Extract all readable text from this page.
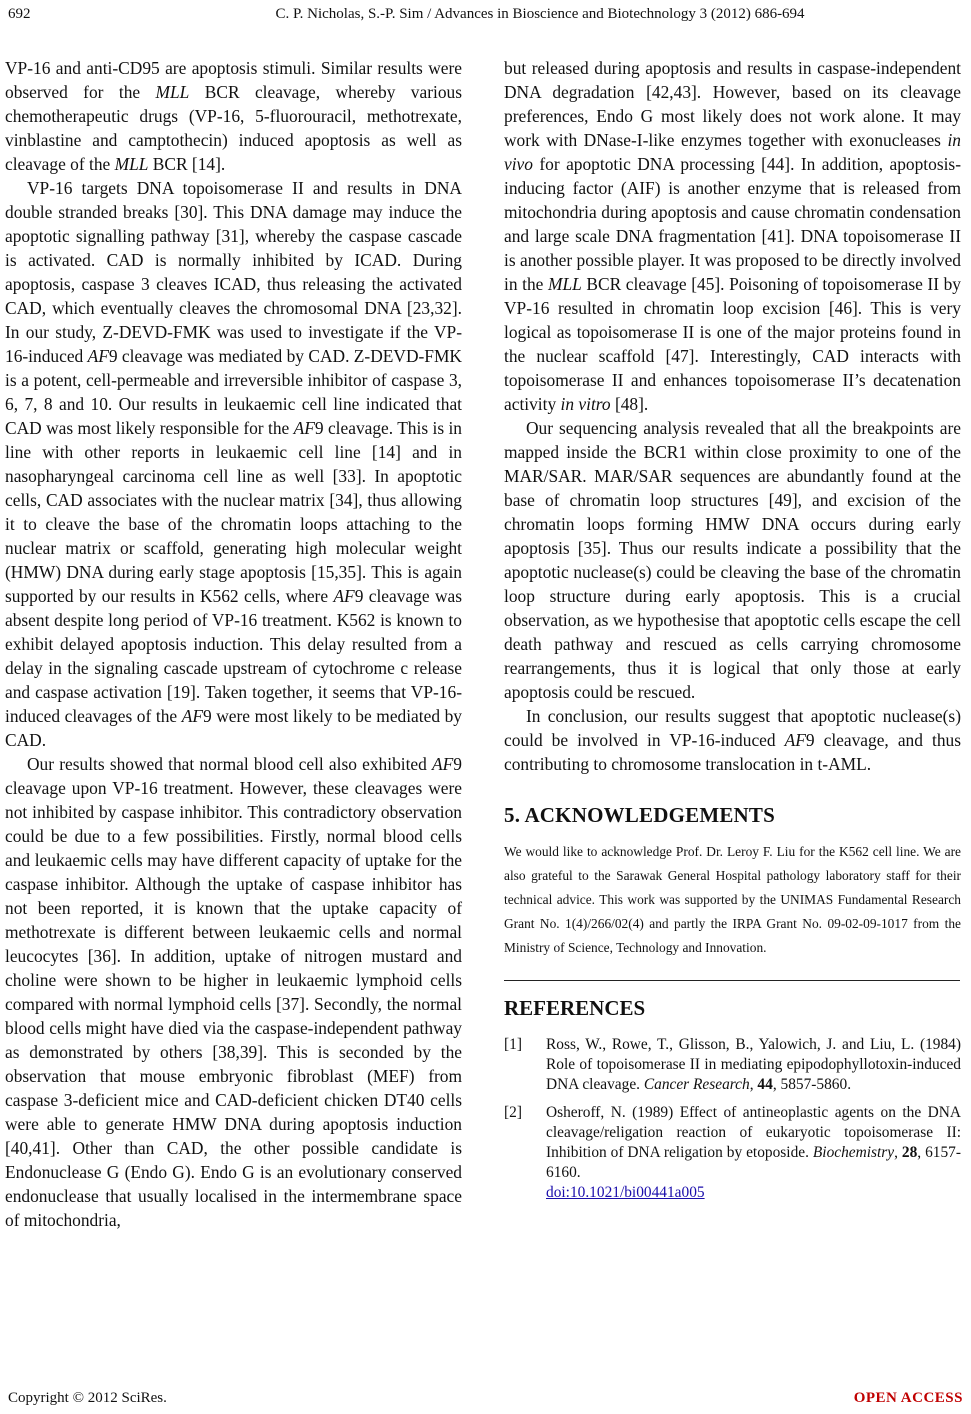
692	C. P. Nicholas, S.-P. Sim / Advances in Bioscience and Biotechnology 3 (2012) 686-694

VP-16 and anti-CD95 are apoptosis stimuli. Similar results were observed for the MLL BCR cleavage, whereby various chemotherapeutic drugs (VP-16, 5-fluorouracil, methotrexate, vinblastine and camptothecin) induced apoptosis as well as cleavage of the MLL BCR [14].

VP-16 targets DNA topoisomerase II and results in DNA double stranded breaks [30]. This DNA damage may induce the apoptotic signalling pathway [31], whereby the caspase cascade is activated. CAD is normally inhibited by ICAD. During apoptosis, caspase 3 cleaves ICAD, thus releasing the activated CAD, which eventually cleaves the chromosomal DNA [23,32]. In our study, Z-DEVD-FMK was used to investigate if the VP-16-induced AF9 cleavage was mediated by CAD. Z-DEVD-FMK is a potent, cell-permeable and irreversible inhibitor of caspase 3, 6, 7, 8 and 10. Our results in leukaemic cell line indicated that CAD was most likely responsible for the AF9 cleavage. This is in line with other reports in leukaemic cell line [14] and in nasopharyngeal carcinoma cell line as well [33]. In apoptotic cells, CAD associates with the nuclear matrix [34], thus allowing it to cleave the base of the chromatin loops attaching to the nuclear matrix or scaffold, generating high molecular weight (HMW) DNA during early stage apoptosis [15,35]. This is again supported by our results in K562 cells, where AF9 cleavage was absent despite long period of VP-16 treatment. K562 is known to exhibit delayed apoptosis induction. This delay resulted from a delay in the signaling cascade upstream of cytochrome c release and caspase activation [19]. Taken together, it seems that VP-16-induced cleavages of the AF9 were most likely to be mediated by CAD.

Our results showed that normal blood cell also exhibited AF9 cleavage upon VP-16 treatment. However, these cleavages were not inhibited by caspase inhibitor. This contradictory observation could be due to a few possibilities. Firstly, normal blood cells and leukaemic cells may have different capacity of uptake for the caspase inhibitor. Although the uptake of caspase inhibitor has not been reported, it is known that the uptake capacity of methotrexate is different between leukaemic cells and normal leucocytes [36]. In addition, uptake of nitrogen mustard and choline were shown to be higher in leukaemic lymphoid cells compared with normal lymphoid cells [37]. Secondly, the normal blood cells might have died via the caspase-independent pathway as demonstrated by others [38,39]. This is seconded by the observation that mouse embryonic fibroblast (MEF) from caspase 3-deficient mice and CAD-deficient chicken DT40 cells were able to generate HMW DNA during apoptosis induction [40,41]. Other than CAD, the other possible candidate is Endonuclease G (Endo G). Endo G is an evolutionary conserved endonuclease that usually localised in the intermembrane space of mitochondria,

but released during apoptosis and results in caspase-independent DNA degradation [42,43]. However, based on its cleavage preferences, Endo G most likely does not work alone. It may work with DNase-I-like enzymes together with exonucleases in vivo for apoptotic DNA processing [44]. In addition, apoptosis-inducing factor (AIF) is another enzyme that is released from mitochondria during apoptosis and cause chromatin condensation and large scale DNA fragmentation [41]. DNA topoisomerase II is another possible player. It was proposed to be directly involved in the MLL BCR cleavage [45]. Poisoning of topoisomerase II by VP-16 resulted in chromatin loop excision [46]. This is very logical as topoisomerase II is one of the major proteins found in the nuclear scaffold [47]. Interestingly, CAD interacts with topoisomerase II and enhances topoisomerase II’s decatenation activity in vitro [48].

Our sequencing analysis revealed that all the breakpoints are mapped inside the BCR1 within close proximity to one of the MAR/SAR. MAR/SAR sequences are abundantly found at the base of chromatin loop structures [49], and excision of the chromatin loops forming HMW DNA occurs during early apoptosis [35]. Thus our results indicate a possibility that the apoptotic nuclease(s) could be cleaving the base of the chromatin loop structure during early apoptosis. This is a crucial observation, as we hypothesise that apoptotic cells escape the cell death pathway and rescued as cells carrying chromosome rearrangements, thus it is logical that only those at early apoptosis could be rescued.

In conclusion, our results suggest that apoptotic nuclease(s) could be involved in VP-16-induced AF9 cleavage, and thus contributing to chromosome translocation in t-AML.

5. ACKNOWLEDGEMENTS

We would like to acknowledge Prof. Dr. Leroy F. Liu for the K562 cell line. We are also grateful to the Sarawak General Hospital pathology laboratory staff for their technical advice. This work was supported by the UNIMAS Fundamental Research Grant No. 1(4)/266/02(4) and partly the IRPA Grant No. 09-02-09-1017 from the Ministry of Science, Technology and Innovation.

REFERENCES
[1] Ross, W., Rowe, T., Glisson, B., Yalowich, J. and Liu, L. (1984) Role of topoisomerase II in mediating epipodophyllotoxin-induced DNA cleavage. Cancer Research, 44, 5857-5860.
[2] Osheroff, N. (1989) Effect of antineoplastic agents on the DNA cleavage/religation reaction of eukaryotic topoisomerase II: Inhibition of DNA religation by etoposide. Biochemistry, 28, 6157-6160.
doi:10.1021/bi00441a005
Copyright © 2012 SciRes.	OPEN ACCESS
